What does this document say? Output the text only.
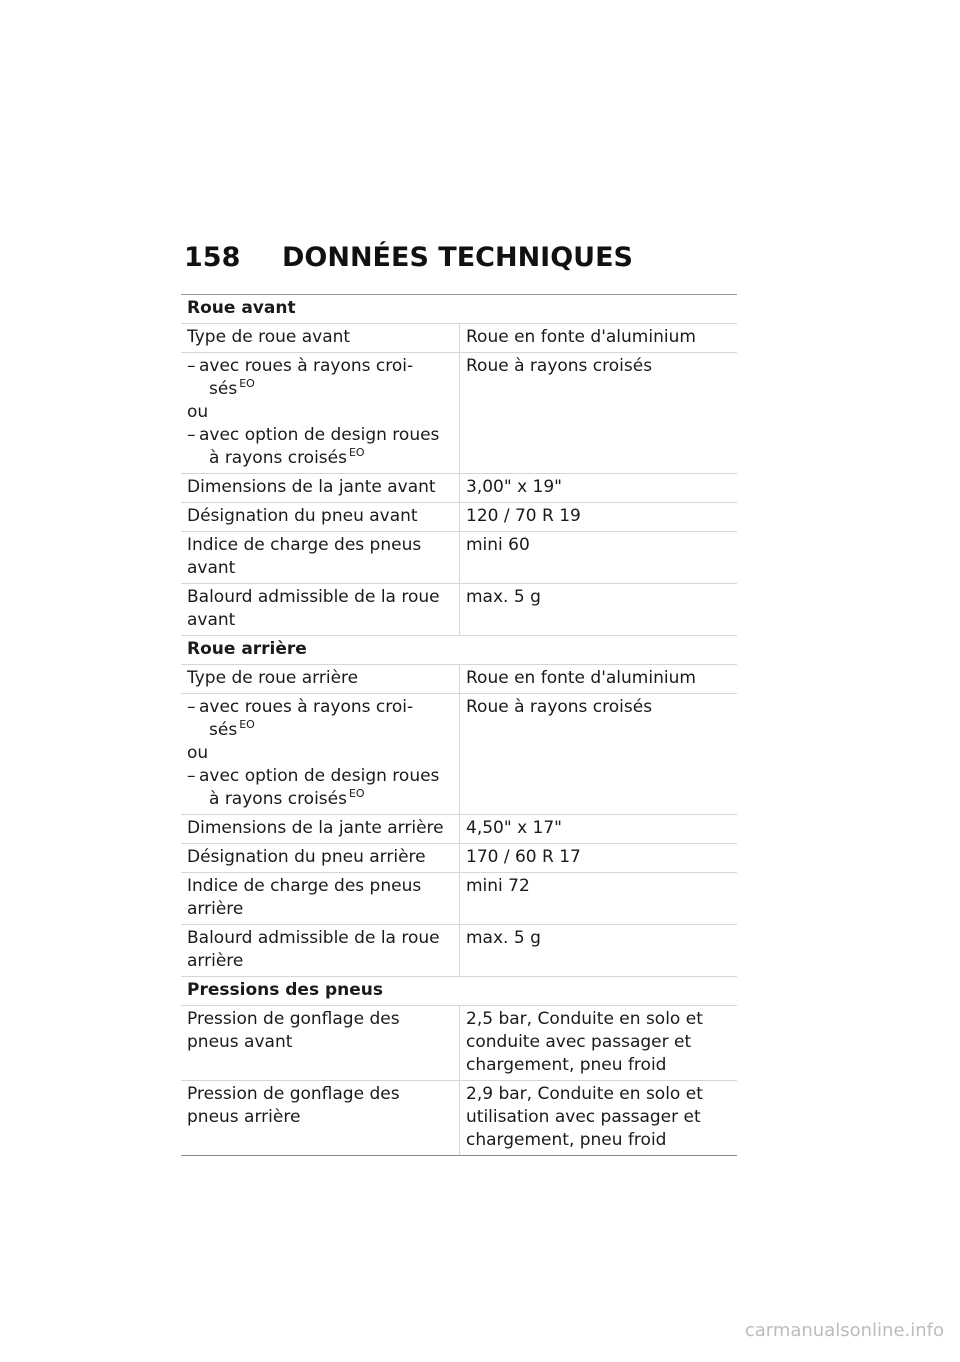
158	DONNÉES TECHNIQUES
Roue avant	
Type de roue avant	Roue en fonte d'aluminium

– avec roues à rayons croi-
sés $^{EO}$
ou
– avec option de design roues
à rayons croisés $^{EO}$	Roue à rayons croisés
Dimensions de la jante avant	3,00" x 19"
Désignation du pneu avant	120 / 70 R 19
Indice de charge des pneus avant	mini 60
Balourd admissible de la roue avant	max. 5 g
Roue arrière	
Type de roue arrière	Roue en fonte d'aluminium

– avec roues à rayons croi-
sés $^{EO}$
ou
– avec option de design roues
à rayons croisés $^{EO}$	Roue à rayons croisés
Dimensions de la jante arrière	4,50" x 17"
Désignation du pneu arrière	170 / 60 R 17
Indice de charge des pneus arrière	mini 72
Balourd admissible de la roue arrière	max. 5 g
Pressions des pneus	
Pression de gonflage des pneus avant	2,5 bar, Conduite en solo et conduite avec passager et chargement, pneu froid
Pression de gonflage des pneus arrière	2,9 bar, Conduite en solo et utilisation avec passager et chargement, pneu froid
carmanualsonline.info
